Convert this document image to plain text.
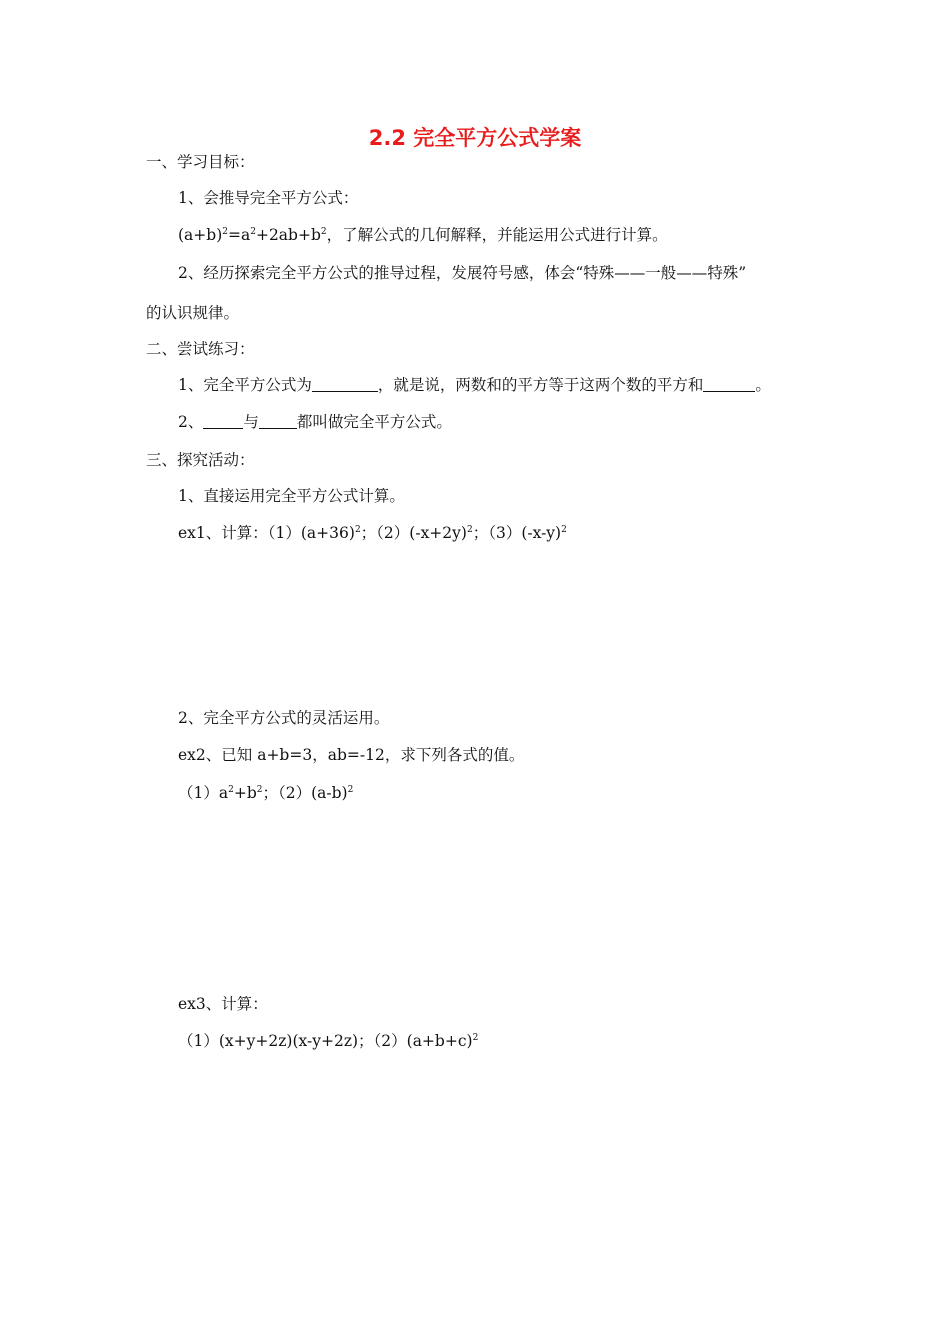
2.2 完全平方公式学案
一、学习目标：
1、会推导完全平方公式：
$(a+b)^2=a^2+2ab+b^2$，了解公式的几何解释，并能运用公式进行计算。
2、经历探索完全平方公式的推导过程，发展符号感，体会“特殊——一般——特殊”
的认识规律。
二、尝试练习：
1、完全平方公式为	，就是说，两数和的平方等于这两个数的平方和	。
2、	与 都叫做完全平方公式。
三、探究活动：
1、直接运用完全平方公式计算。
ex1、计算：$(1)(a+36)^2$；$(2)(-x+2y)^2$；$(3)(-x-y)^2$
2、完全平方公式的灵活运用。
ex2、已知 a+b=3，ab=-12，求下列各式的值。
$(1)a^2+b^2$；$(2)(a-b)^2$
ex3、计算：
（1）(x+y+2z)(x-y+2z)；$(2)(a+b+c)^2$
